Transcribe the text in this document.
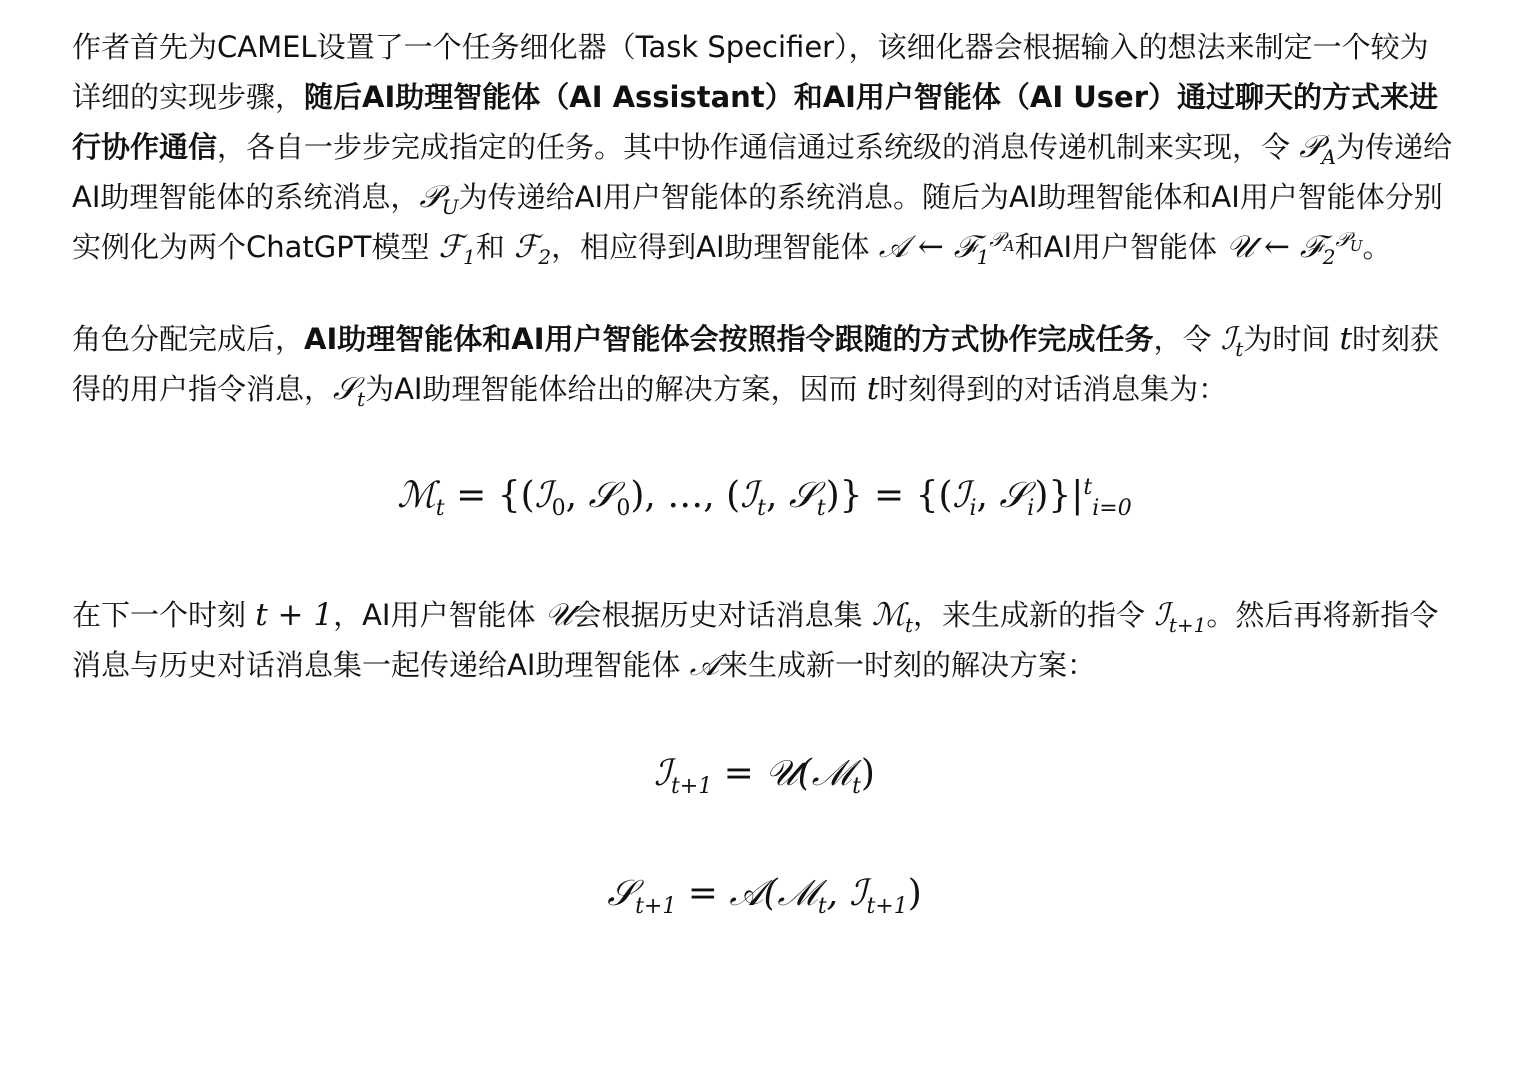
作者首先为CAMEL设置了一个任务细化器（Task Specifier），该细化器会根据输入的想法来制定一个较为详细的实现步骤，随后AI助理智能体（AI Assistant）和AI用户智能体（AI User）通过聊天的方式来进行协作通信，各自一步步完成指定的任务。其中协作通信通过系统级的消息传递机制来实现，令 𝒫$_A$为传递给AI助理智能体的系统消息，𝒫$_U$为传递给AI用户智能体的系统消息。随后为AI助理智能体和AI用户智能体分别实例化为两个ChatGPT模型 ℱ$_1$和 ℱ$_2$，相应得到AI助理智能体 𝒜 ← ℱ$_1^{𝒫_A}$和AI用户智能体 𝒰 ← ℱ$_2^{𝒫_U}$。

角色分配完成后，AI助理智能体和AI用户智能体会按照指令跟随的方式协作完成任务，令 ℐ$_t$为时间 t时刻获得的用户指令消息，𝒮$_t$为AI助理智能体给出的解决方案，因而 t时刻得到的对话消息集为：

ℳ$_t$ = {(ℐ$_0$, 𝒮$_0$), …, (ℐ$_t$, 𝒮$_t$)} = {(ℐ$_i$, $𝒮_i)\}|^t_{i=0}$

在下一个时刻 t + 1，AI用户智能体 𝒰会根据历史对话消息集 ℳ$_t$，来生成新的指令 ℐ$_{t+1}$。然后再将新指令消息与历史对话消息集一起传递给AI助理智能体 𝒜来生成新一时刻的解决方案：

ℐ$_{t+1}$ = 𝒰(ℳ$_t$)
𝒮$_{t+1}$ = 𝒜(ℳ$_t$, ℐ$_{t+1}$)
